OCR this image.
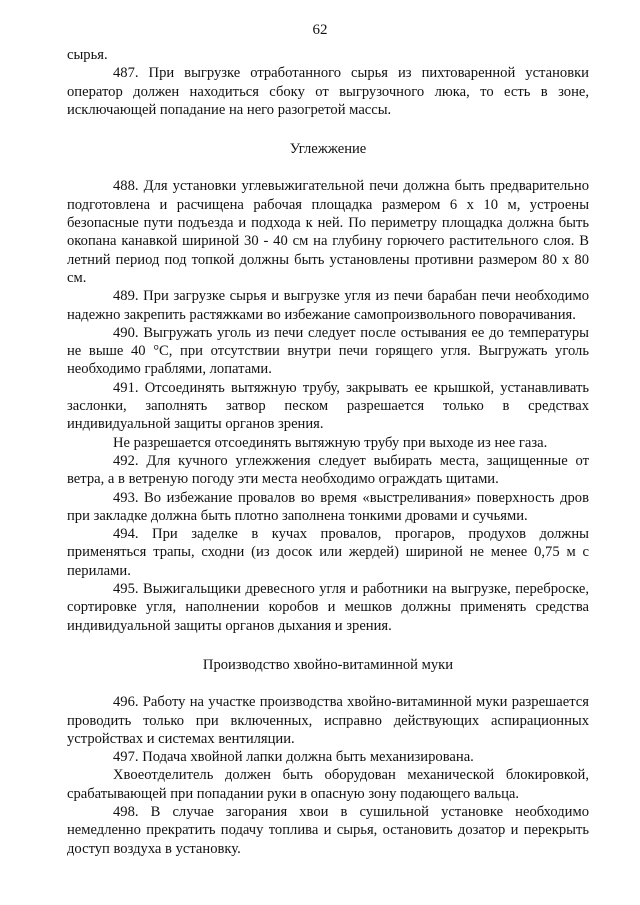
62

сырья.

487. При выгрузке отработанного сырья из пихтоваренной установки оператор должен находиться сбоку от выгрузочного люка, то есть в зоне, исключающей попадание на него разогретой массы.

Углежжение

488. Для установки углевыжигательной печи должна быть предварительно подготовлена и расчищена рабочая площадка размером 6 х 10 м, устроены безопасные пути подъезда и подхода к ней. По периметру площадка должна быть окопана канавкой шириной 30 - 40 см на глубину горючего растительного слоя. В летний период под топкой должны быть установлены противни размером 80 х 80 см.

489. При загрузке сырья и выгрузке угля из печи барабан печи необходимо надежно закрепить растяжками во избежание самопроизвольного поворачивания.

490. Выгружать уголь из печи следует после остывания ее до температуры не выше 40 °С, при отсутствии внутри печи горящего угля. Выгружать уголь необходимо граблями, лопатами.

491. Отсоединять вытяжную трубу, закрывать ее крышкой, устанавливать заслонки, заполнять затвор песком разрешается только в средствах индивидуальной защиты органов зрения.

Не разрешается отсоединять вытяжную трубу при выходе из нее газа.

492. Для кучного углежжения следует выбирать места, защищенные от ветра, а в ветреную погоду эти места необходимо ограждать щитами.

493. Во избежание провалов во время «выстреливания» поверхность дров при закладке должна быть плотно заполнена тонкими дровами и сучьями.

494. При заделке в кучах провалов, прогаров, продухов должны применяться трапы, сходни (из досок или жердей) шириной не менее 0,75 м с перилами.

495. Выжигальщики древесного угля и работники на выгрузке, переброске, сортировке угля, наполнении коробов и мешков должны применять средства индивидуальной защиты органов дыхания и зрения.

Производство хвойно-витаминной муки

496. Работу на участке производства хвойно-витаминной муки разрешается проводить только при включенных, исправно действующих аспирационных устройствах и системах вентиляции.

497. Подача хвойной лапки должна быть механизирована.

Хвоеотделитель должен быть оборудован механической блокировкой, срабатывающей при попадании руки в опасную зону подающего вальца.

498. В случае загорания хвои в сушильной установке необходимо немедленно прекратить подачу топлива и сырья, остановить дозатор и перекрыть доступ воздуха в установку.
